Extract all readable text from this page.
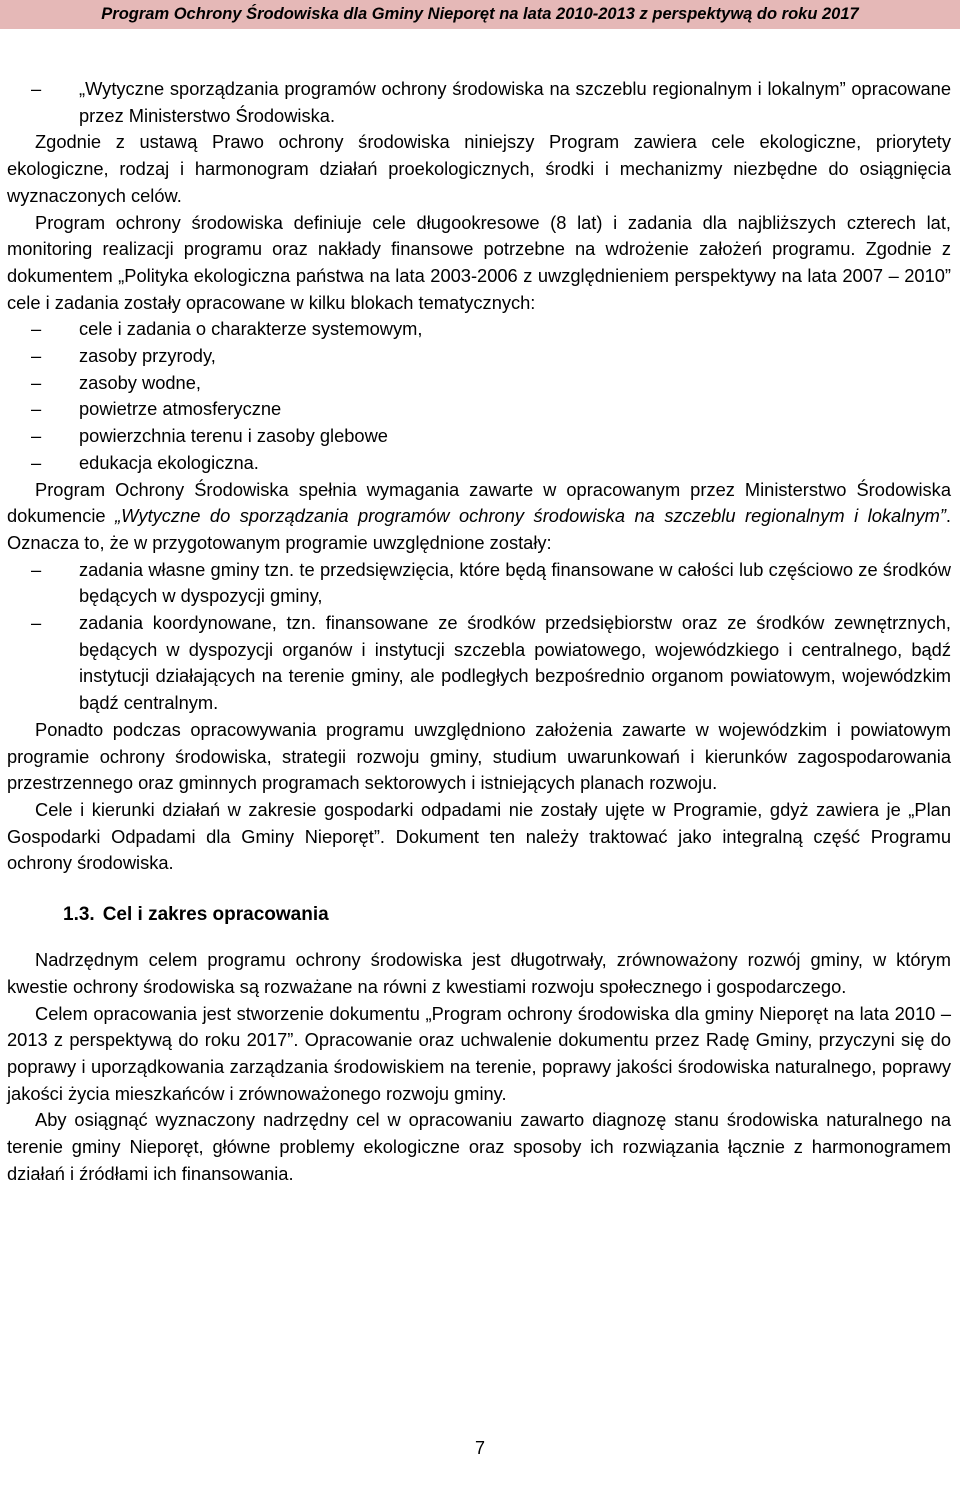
Program Ochrony Środowiska dla Gminy Nieporęt na lata 2010-2013 z perspektywą do roku 2017
– „Wytyczne sporządzania programów ochrony środowiska na szczeblu regionalnym i lokalnym” opracowane przez Ministerstwo Środowiska.

Zgodnie z ustawą Prawo ochrony środowiska niniejszy Program zawiera cele ekologiczne, priorytety ekologiczne, rodzaj i harmonogram działań proekologicznych, środki i mechanizmy niezbędne do osiągnięcia wyznaczonych celów.

Program ochrony środowiska definiuje cele długookresowe (8 lat) i zadania dla najbliższych czterech lat, monitoring realizacji programu oraz nakłady finansowe potrzebne na wdrożenie założeń programu. Zgodnie z dokumentem „Polityka ekologiczna państwa na lata 2003-2006 z uwzględnieniem perspektywy na lata 2007 – 2010” cele i zadania zostały opracowane w kilku blokach tematycznych:

– cele i zadania o charakterze systemowym,
– zasoby przyrody,
– zasoby wodne,
– powietrze atmosferyczne
– powierzchnia terenu i zasoby glebowe
– edukacja ekologiczna.

Program Ochrony Środowiska spełnia wymagania zawarte w opracowanym przez Ministerstwo Środowiska dokumencie „Wytyczne do sporządzania programów ochrony środowiska na szczeblu regionalnym i lokalnym”. Oznacza to, że w przygotowanym programie uwzględnione zostały:

– zadania własne gminy tzn. te przedsięwzięcia, które będą finansowane w całości lub częściowo ze środków będących w dyspozycji gminy,
– zadania koordynowane, tzn. finansowane ze środków przedsiębiorstw oraz ze środków zewnętrznych, będących w dyspozycji organów i instytucji szczebla powiatowego, wojewódzkiego i centralnego, bądź instytucji działających na terenie gminy, ale podległych bezpośrednio organom powiatowym, wojewódzkim bądź centralnym.

Ponadto podczas opracowywania programu uwzględniono założenia zawarte w wojewódzkim i powiatowym programie ochrony środowiska, strategii rozwoju gminy, studium uwarunkowań i kierunków zagospodarowania przestrzennego oraz gminnych programach sektorowych i istniejących planach rozwoju.

Cele i kierunki działań w zakresie gospodarki odpadami nie zostały ujęte w Programie, gdyż zawiera je „Plan Gospodarki Odpadami dla Gminy Nieporęt”. Dokument ten należy traktować jako integralną część Programu ochrony środowiska.

1.3. Cel i zakres opracowania

Nadrzędnym celem programu ochrony środowiska jest długotrwały, zrównoważony rozwój gminy, w którym kwestie ochrony środowiska są rozważane na równi z kwestiami rozwoju społecznego i gospodarczego.

Celem opracowania jest stworzenie dokumentu „Program ochrony środowiska dla gminy Nieporęt na lata 2010 – 2013 z perspektywą do roku 2017”. Opracowanie oraz uchwalenie dokumentu przez Radę Gminy, przyczyni się do poprawy i uporządkowania zarządzania środowiskiem na terenie, poprawy jakości środowiska naturalnego, poprawy jakości życia mieszkańców i zrównoważonego rozwoju gminy.

Aby osiągnąć wyznaczony nadrzędny cel w opracowaniu zawarto diagnozę stanu środowiska naturalnego na terenie gminy Nieporęt, główne problemy ekologiczne oraz sposoby ich rozwiązania łącznie z harmonogramem działań i źródłami ich finansowania.

7
